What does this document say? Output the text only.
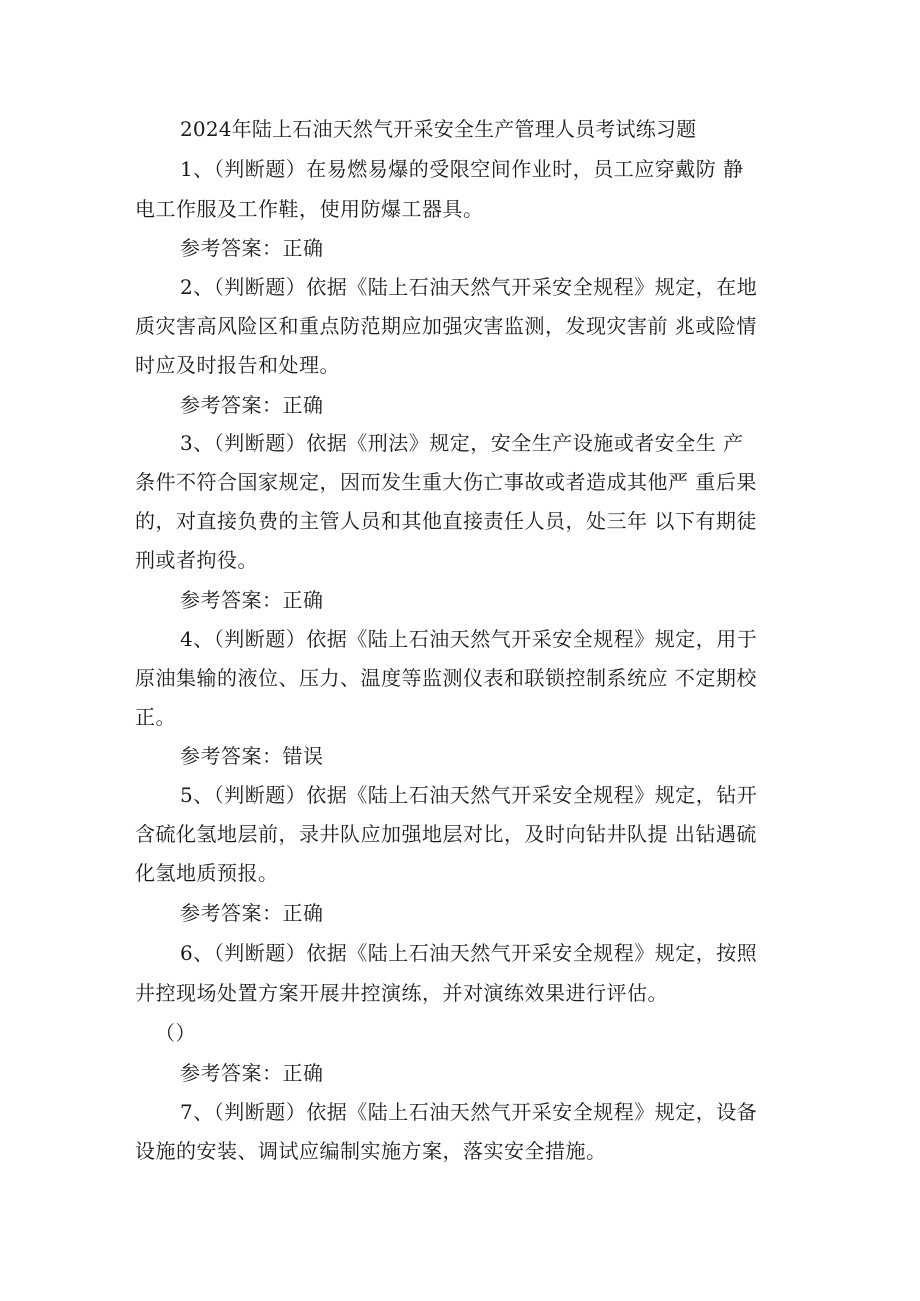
2024年陆上石油天然气开采安全生产管理人员考试练习题
1、（判断题）在易燃易爆的受限空间作业时，员工应穿戴防 静
电工作服及工作鞋，使用防爆工器具。
参考答案：正确
2、（判断题）依据《陆上石油天然气开采安全规程》规定，在地
质灾害高风险区和重点防范期应加强灾害监测，发现灾害前 兆或险情
时应及时报告和处理。
参考答案：正确
3、（判断题）依据《刑法》规定，安全生产设施或者安全生 产
条件不符合国家规定，因而发生重大伤亡事故或者造成其他严 重后果
的，对直接负费的主管人员和其他直接责任人员，处三年 以下有期徒
刑或者拘役。
参考答案：正确
4、（判断题）依据《陆上石油天然气开采安全规程》规定，用于
原油集输的液位、压力、温度等监测仪表和联锁控制系统应 不定期校
正。
参考答案：错误
5、（判断题）依据《陆上石油天然气开采安全规程》规定，钻开
含硫化氢地层前，录井队应加强地层对比，及时向钻井队提 出钻遇硫
化氢地质预报。
参考答案：正确
6、（判断题）依据《陆上石油天然气开采安全规程》规定，按照
井控现场处置方案开展井控演练，并对演练效果进行评估。
（）
参考答案：正确
7、（判断题）依据《陆上石油天然气开采安全规程》规定，设备
设施的安装、调试应编制实施方案，落实安全措施。
